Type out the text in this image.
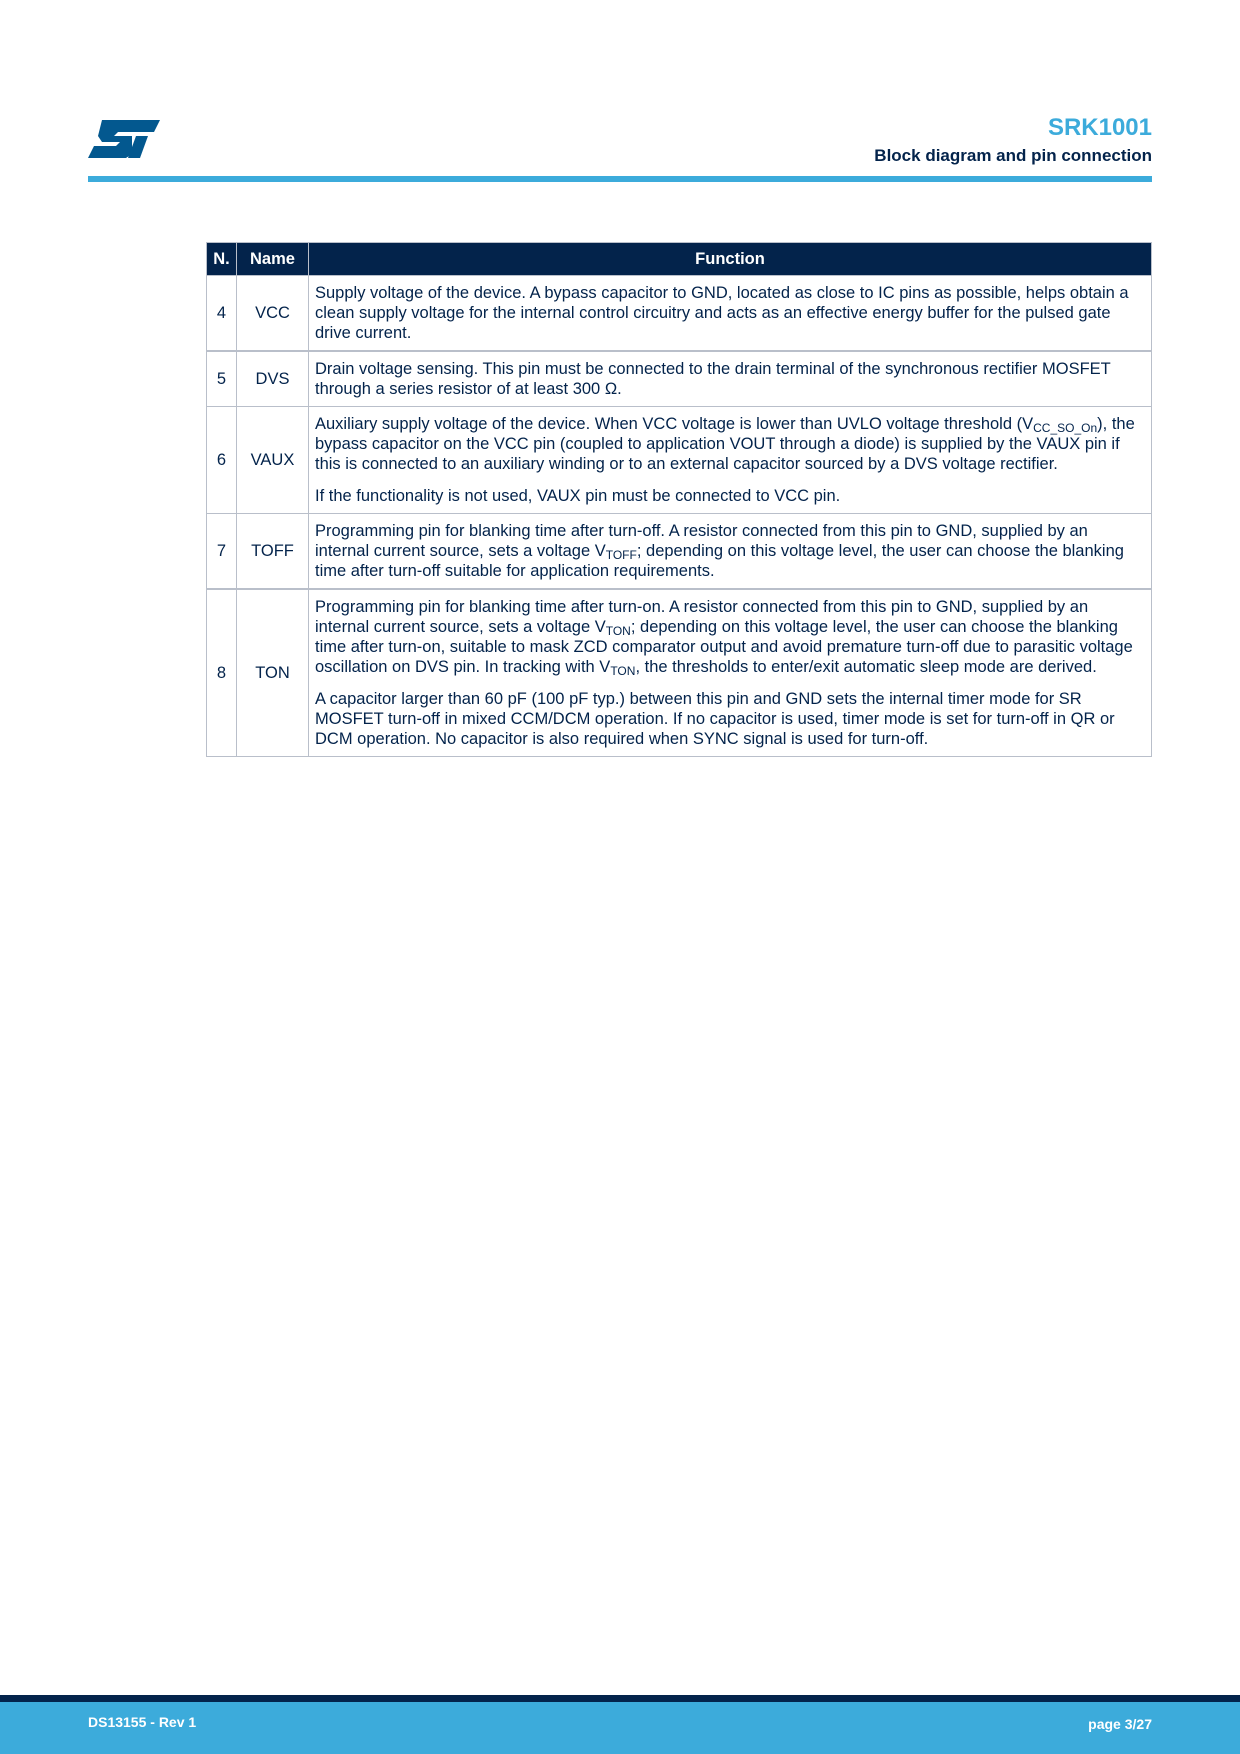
SRK1001
Block diagram and pin connection
N.	Name	Function
4	VCC	Supply voltage of the device. A bypass capacitor to GND, located as close to IC pins as possible, helps obtain a clean supply voltage for the internal control circuitry and acts as an effective energy buffer for the pulsed gate drive current.

5	DVS	Drain voltage sensing. This pin must be connected to the drain terminal of the synchronous rectifier MOSFET through a series resistor of at least 300 Ω.

6	VAUX	Auxiliary supply voltage of the device. When VCC voltage is lower than UVLO voltage threshold $(V_{CC\_SO\_On})$, the bypass capacitor on the VCC pin (coupled to application VOUT through a diode) is supplied by the VAUX pin if this is connected to an auxiliary winding or to an external capacitor sourced by a DVS voltage rectifier.

If the functionality is not used, VAUX pin must be connected to VCC pin.

7	TOFF	Programming pin for blanking time after turn-off. A resistor connected from this pin to GND, supplied by an internal current source, sets a voltage $V_{TOFF}$; depending on this voltage level, the user can choose the blanking time after turn-off suitable for application requirements.

8	TON	Programming pin for blanking time after turn-on. A resistor connected from this pin to GND, supplied by an internal current source, sets a voltage $V_{TON}$; depending on this voltage level, the user can choose the blanking time after turn-on, suitable to mask ZCD comparator output and avoid premature turn-off due to parasitic voltage oscillation on DVS pin. In tracking with $V_{TON}$, the thresholds to enter/exit automatic sleep mode are derived.

A capacitor larger than 60 pF (100 pF typ.) between this pin and GND sets the internal timer mode for SR MOSFET turn-off in mixed CCM/DCM operation. If no capacitor is used, timer mode is set for turn-off in QR or DCM operation. No capacitor is also required when SYNC signal is used for turn-off.

DS13155 - Rev 1	page 3/27
